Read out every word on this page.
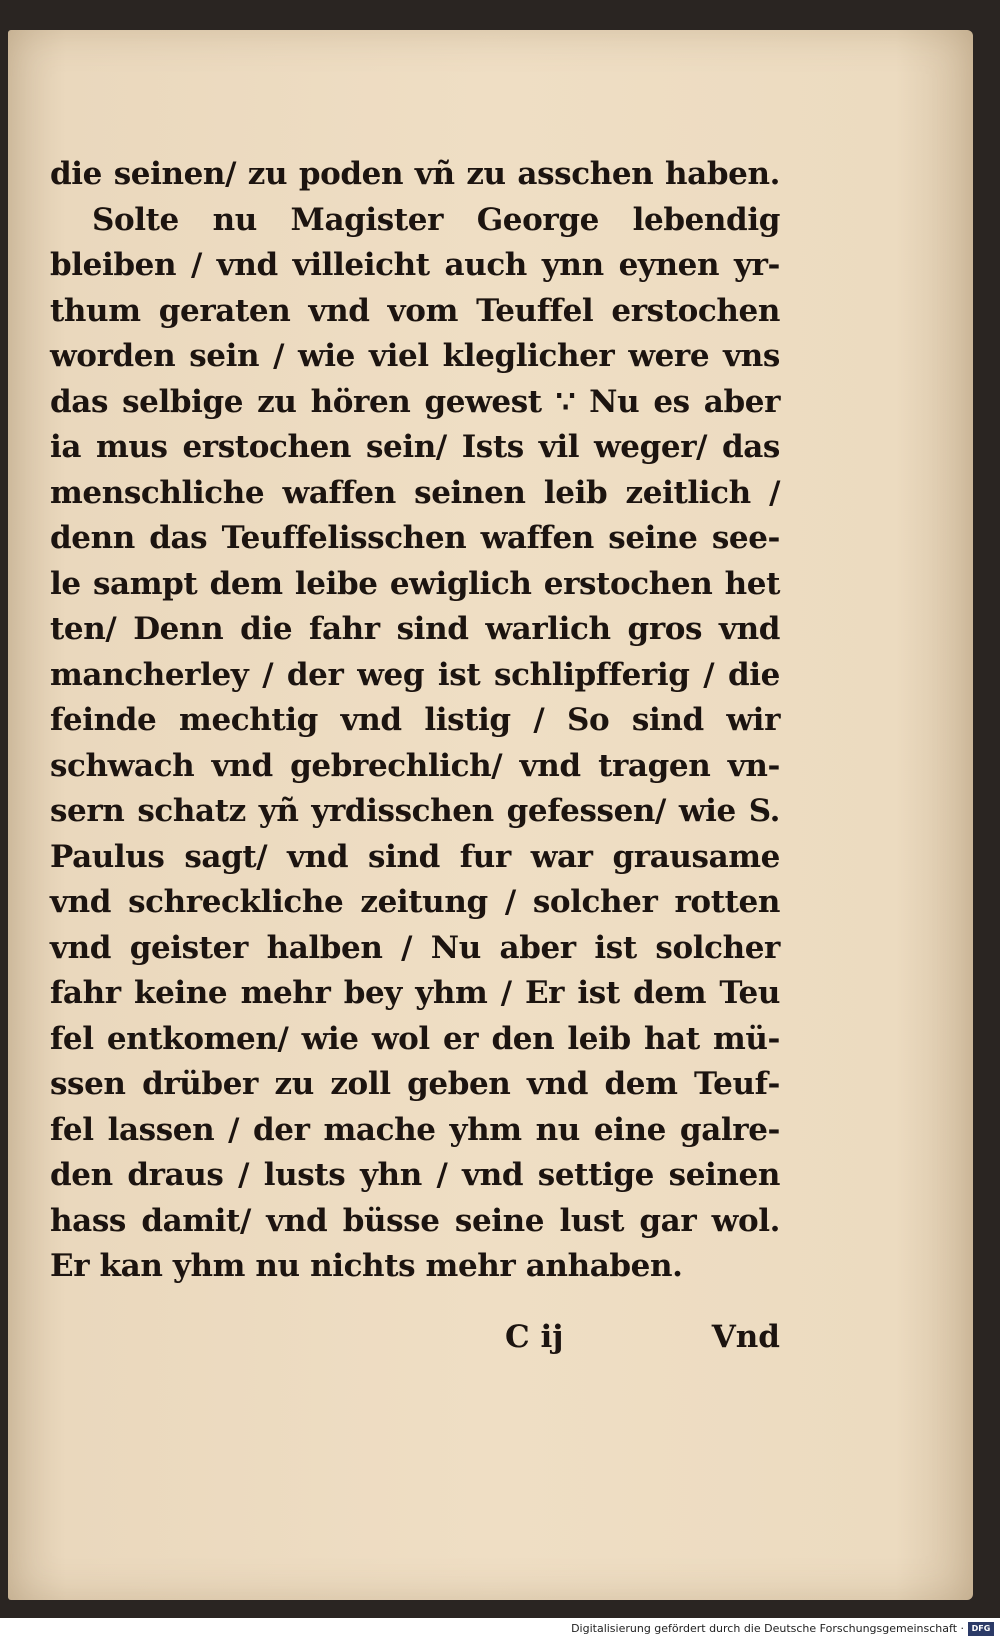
die seinen/ zu poden vñ zu asschen haben.
Solte nu Magister George lebendig
bleiben / vnd villeicht auch ynn eynen yr‑
thum geraten vnd vom Teuffel erstochen
worden sein / wie viel kleglicher were vns
das selbige zu hören gewest ∵ Nu es aber
ia mus erstochen sein/ Ists vil weger/ das
menschliche waffen seinen leib zeitlich /
denn das Teuffelisschen waffen seine see‑
le sampt dem leibe ewiglich erstochen het
ten/ Denn die fahr sind warlich gros vnd
mancherley / der weg ist schlipfferig / die
feinde mechtig vnd listig / So sind wir
schwach vnd gebrechlich/ vnd tragen vn‑
sern schatz yñ yrdisschen gefessen/ wie S.
Paulus sagt/ vnd sind fur war grausame
vnd schreckliche zeitung / solcher rotten
vnd geister halben / Nu aber ist solcher
fahr keine mehr bey yhm / Er ist dem Teu
fel entkomen/ wie wol er den leib hat mü‑
ssen drüber zu zoll geben vnd dem Teuf‑
fel lassen / der mache yhm nu eine galre‑
den draus / lusts yhn / vnd settige seinen
hass damit/ vnd büsse seine lust gar wol.
Er kan yhm nu nichts mehr anhaben.
C ij	Vnd
Digitalisierung gefördert durch die Deutsche Forschungsgemeinschaft · DFG
